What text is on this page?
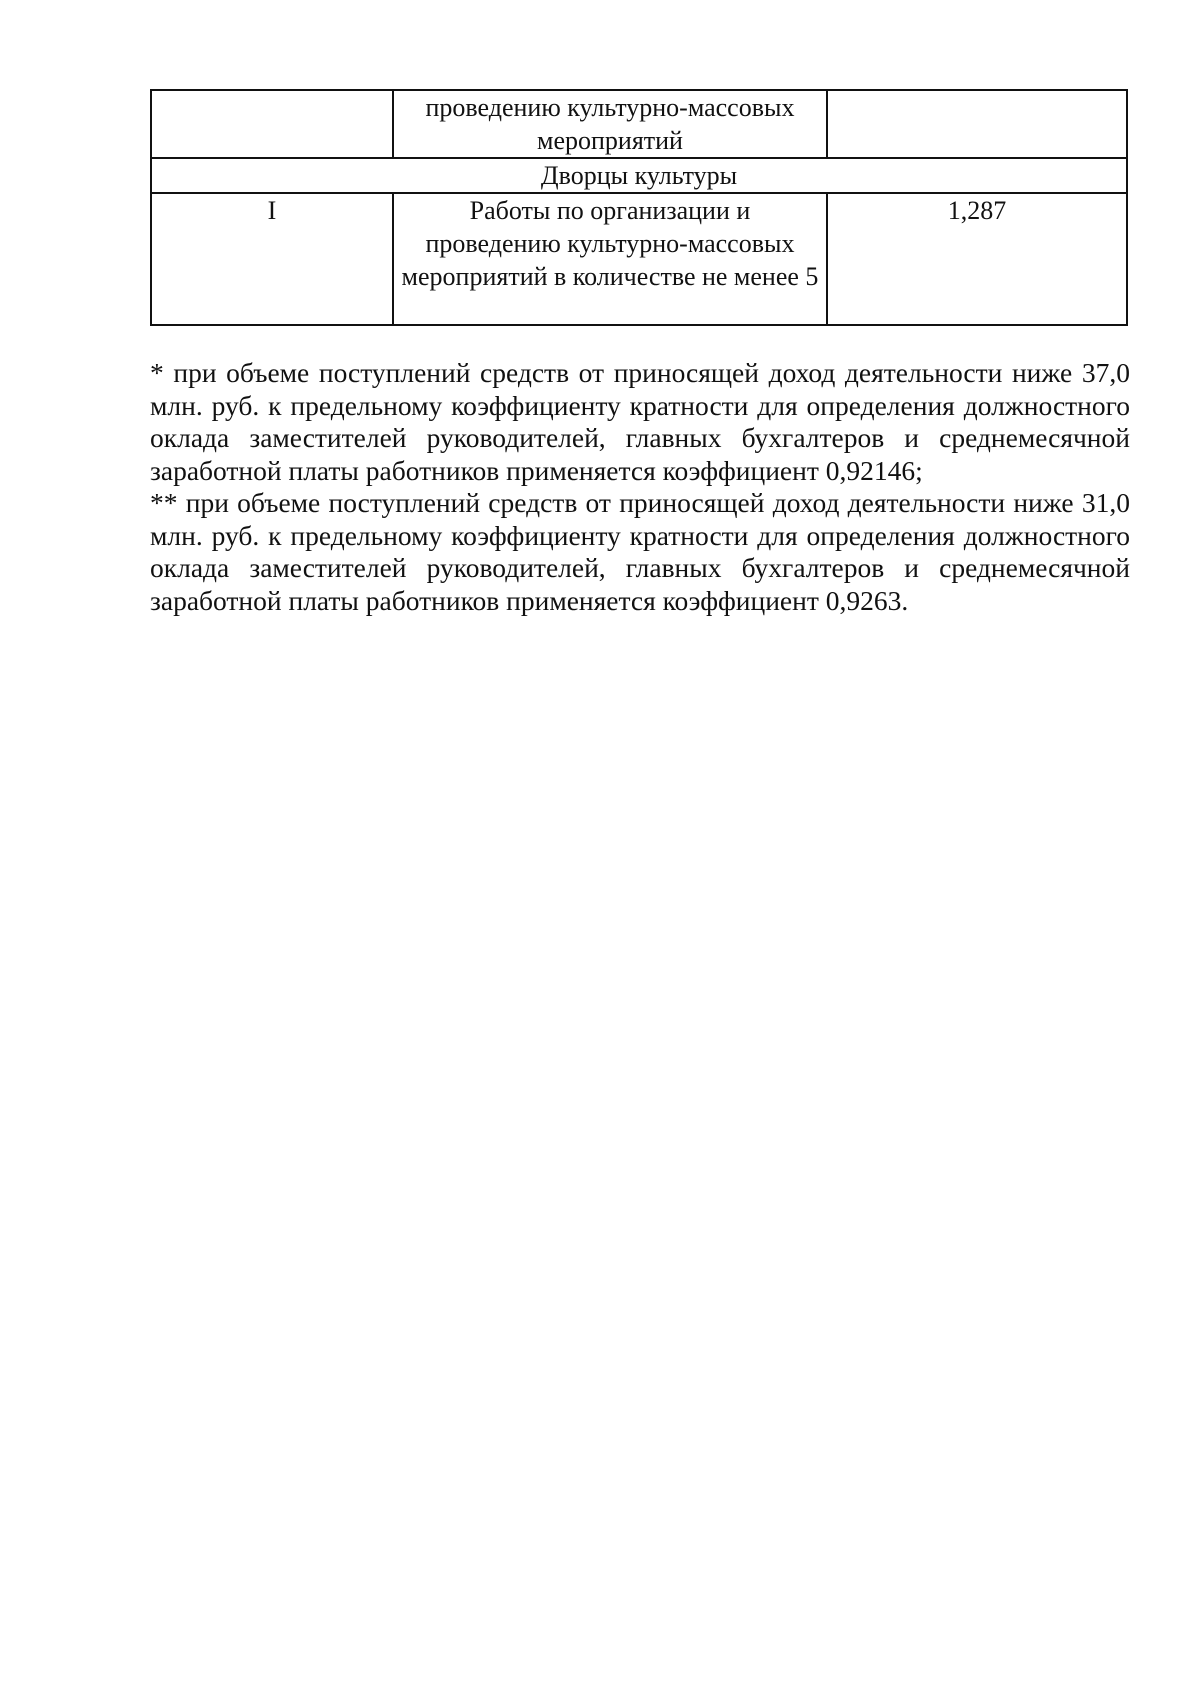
	проведению культурно-массовых мероприятий	
Дворцы культуры		
I	Работы по организации и проведению культурно-массовых мероприятий в количестве не менее 5	1,287

* при объеме поступлений средств от приносящей доход деятельности ниже 37,0 млн. руб. к предельному коэффициенту кратности для определения должностного оклада заместителей руководителей, главных бухгалтеров и среднемесячной заработной платы работников применяется коэффициент 0,92146;

** при объеме поступлений средств от приносящей доход деятельности ниже 31,0 млн. руб. к предельному коэффициенту кратности для определения должностного оклада заместителей руководителей, главных бухгалтеров и среднемесячной заработной платы работников применяется коэффициент 0,9263.
